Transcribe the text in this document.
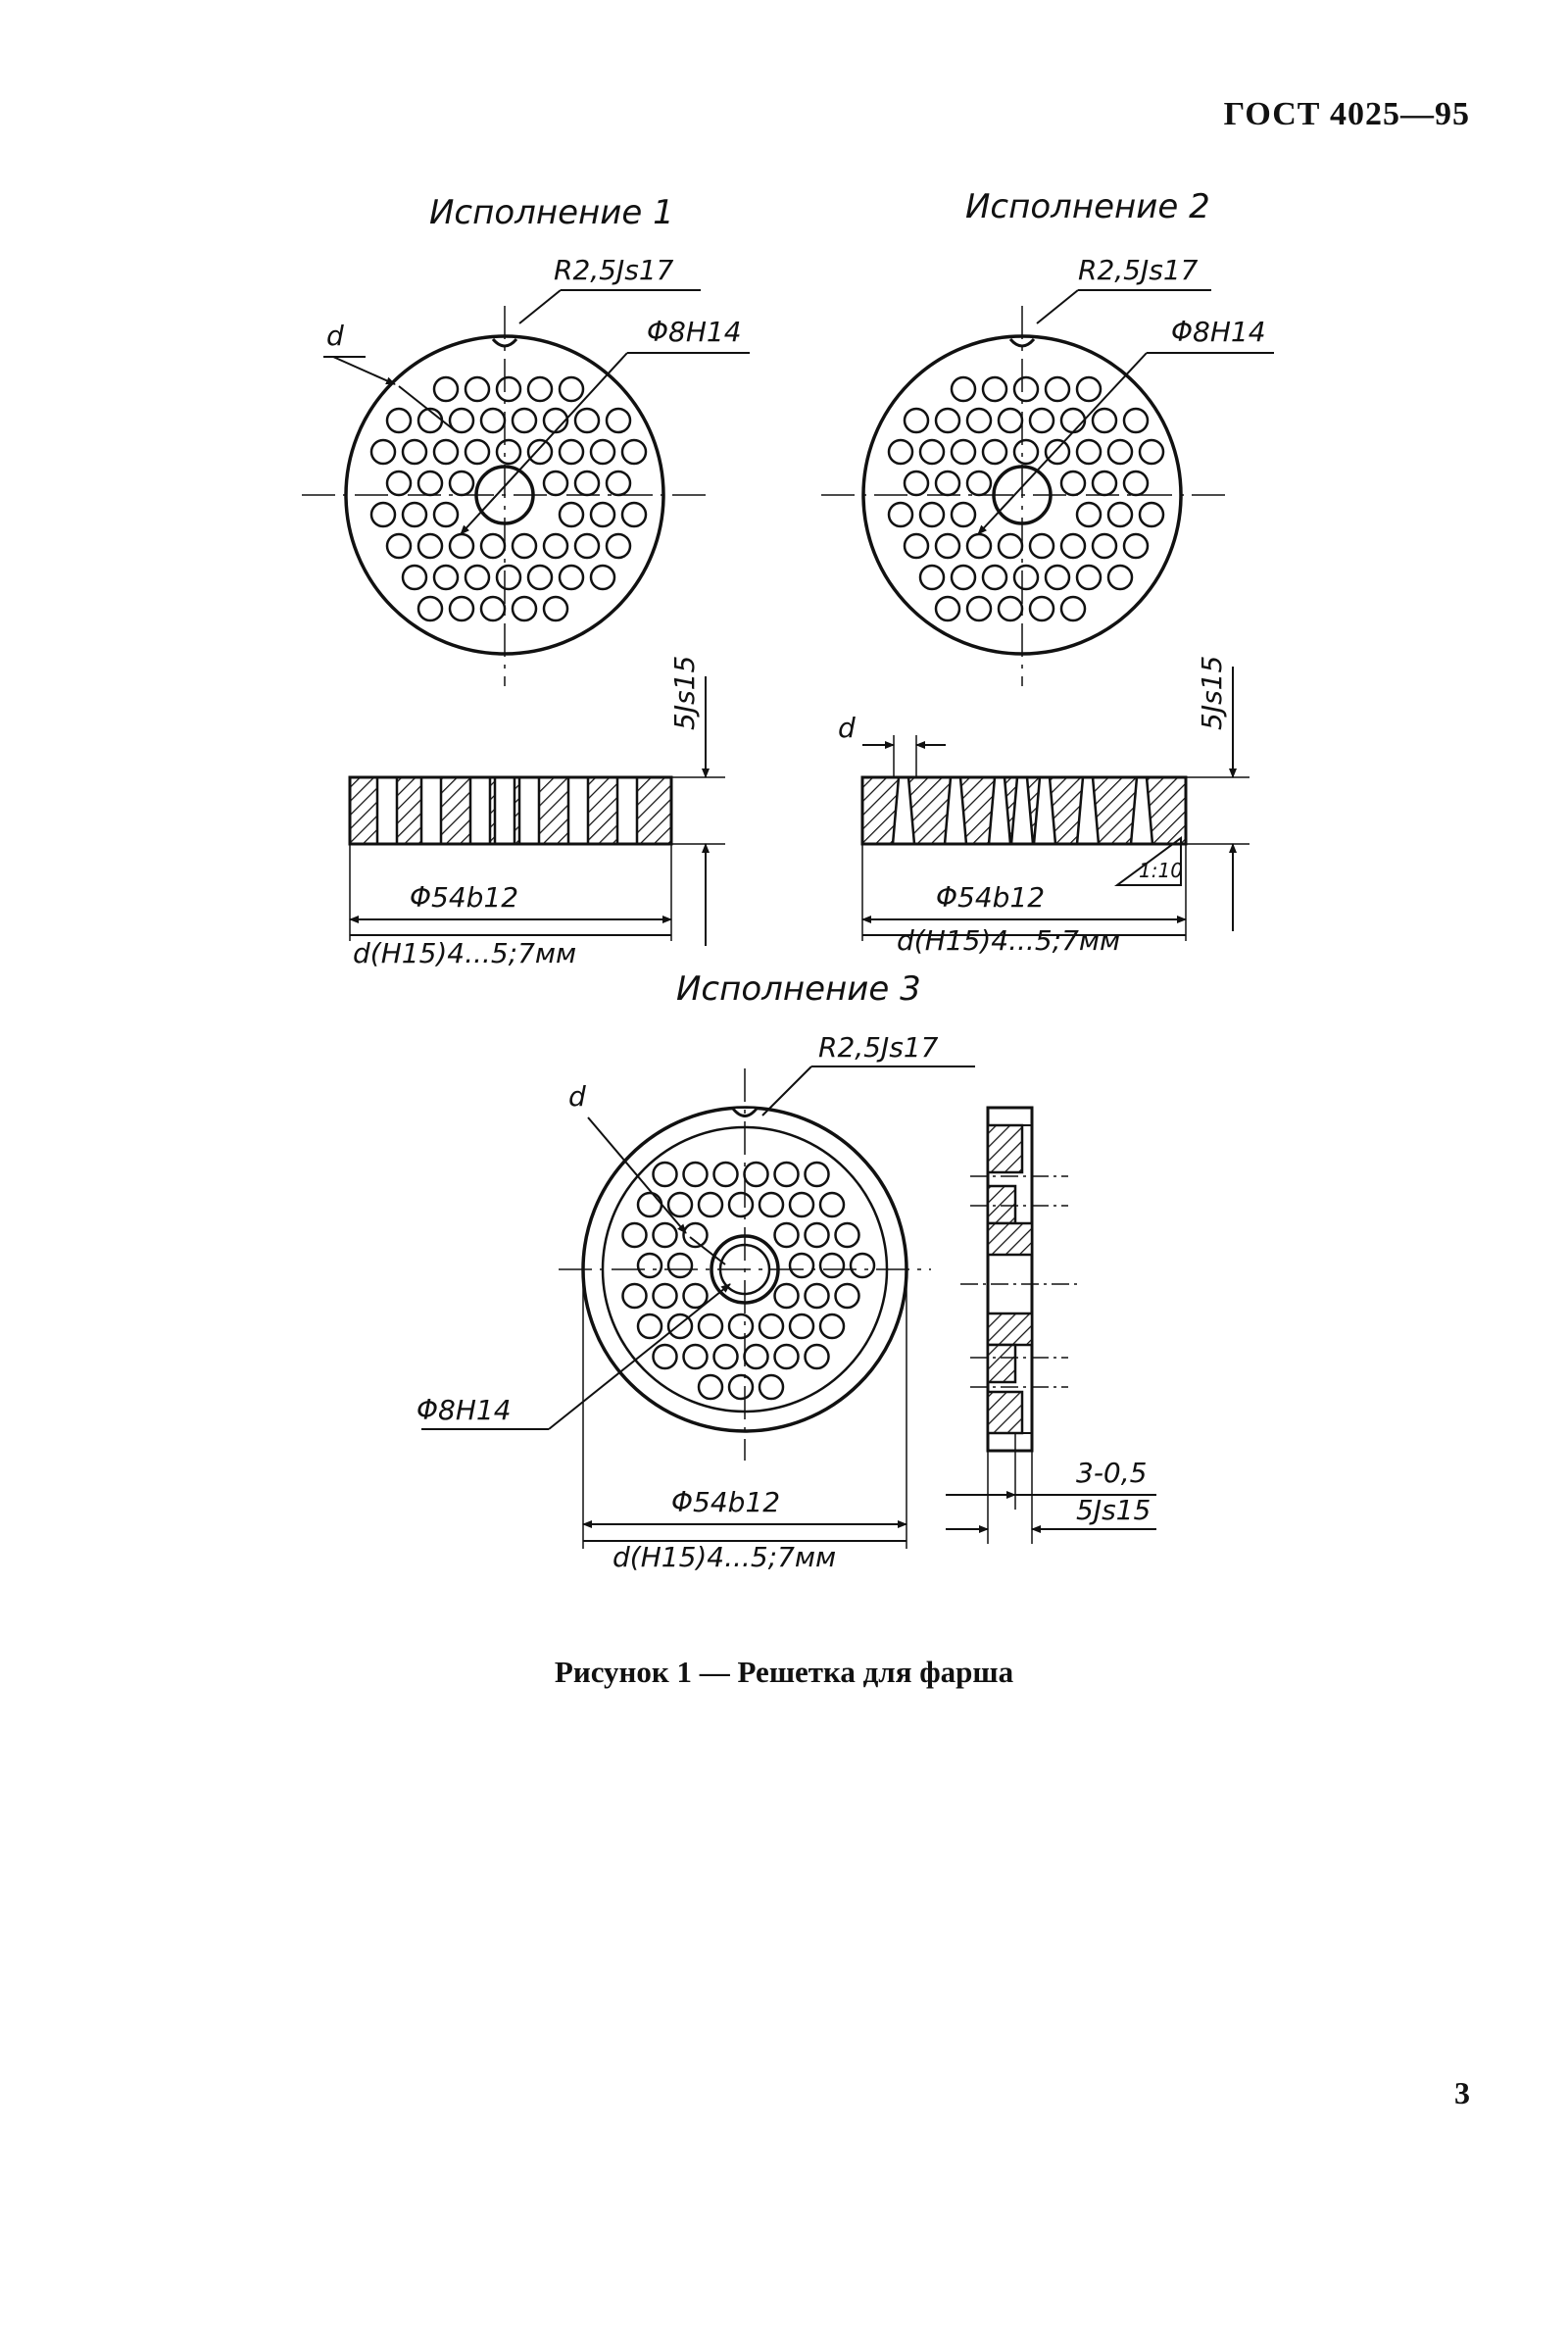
ГОСТ 4025—95
Исполнение 1
R2,5Js17
Φ8H14
d
5Js15
Φ54b12
d(H15)4...5;7мм
Исполнение 2
R2,5Js17
Φ8H14
d	5Js15
1:10
Φ54b12
d(H15)4...5;7мм
Исполнение 3
R2,5Js17
d
Φ8H14
Φ54b12
d(H15)4...5;7мм
3-0,5
5Js15
Рисунок 1 — Решетка для фарша
3
